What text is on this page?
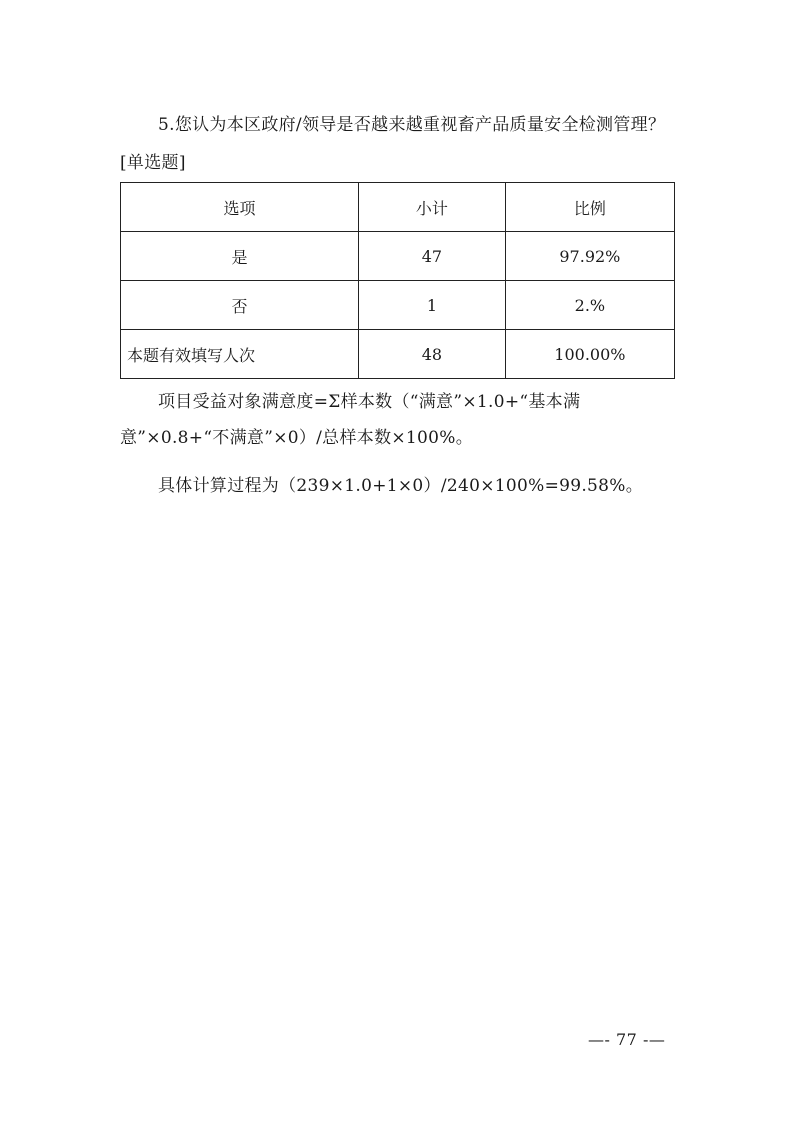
5.您认为本区政府/领导是否越来越重视畜产品质量安全检测管理？[单选题]
选项	小计	比例
是	47	97.92%
否	1	2.%
本题有效填写人次	48	100.00%
项目受益对象满意度=Σ样本数（“满意”×1.0+“基本满意”×0.8+“不满意”×0）/总样本数×100%。
具体计算过程为（239×1.0+1×0）/240×100%=99.58%。
—- 77 -—
